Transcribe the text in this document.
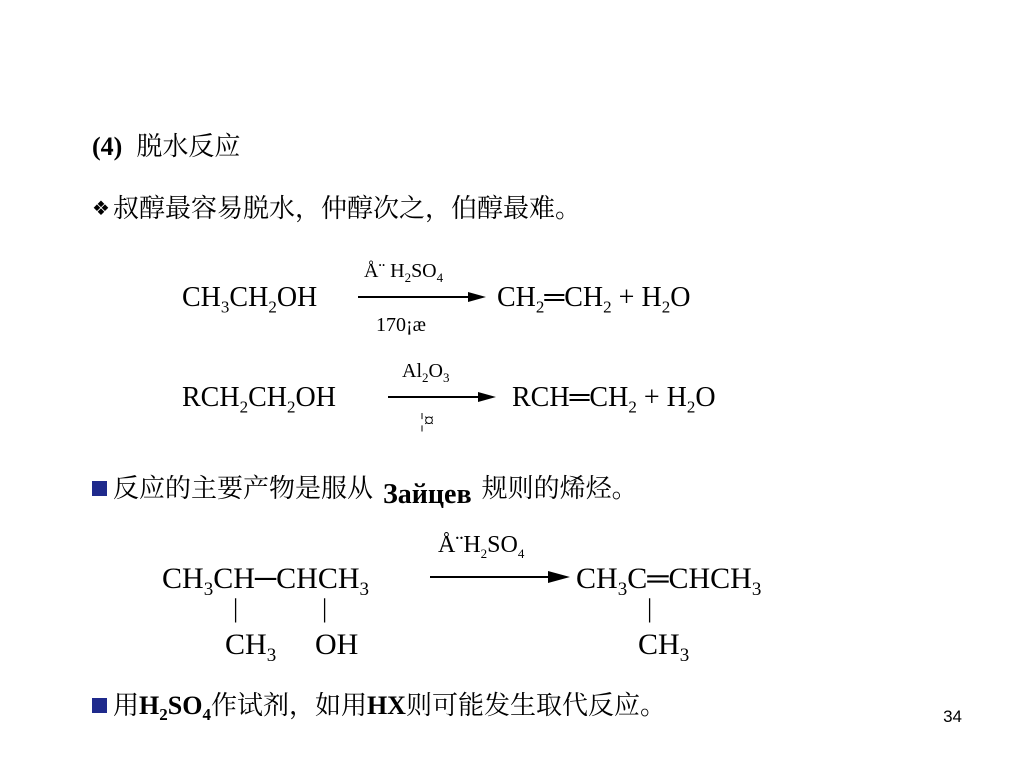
(4) 脱水反应
❖ 叔醇最容易脱水，仲醇次之，伯醇最难。
$CH_3CH_2OH$
Å¨ $H_2SO_4$
170¡æ
$CH_2═CH_2 + H_2O$
$RCH_2CH_2OH$
$Al_2O_3$
¦¤
$RCH═CH_2 + H_2O$
反应的主要产物是服从 Зайцев 规则的烯烃。
$CH_3CH─CHCH_3$
|	|
$CH_3$ OH
$Å¨H_2SO_4$
$CH_3C═CHCH_3$
|
$CH_3$
用$H_2SO_4$作试剂，如用HX则可能发生取代反应。	34
